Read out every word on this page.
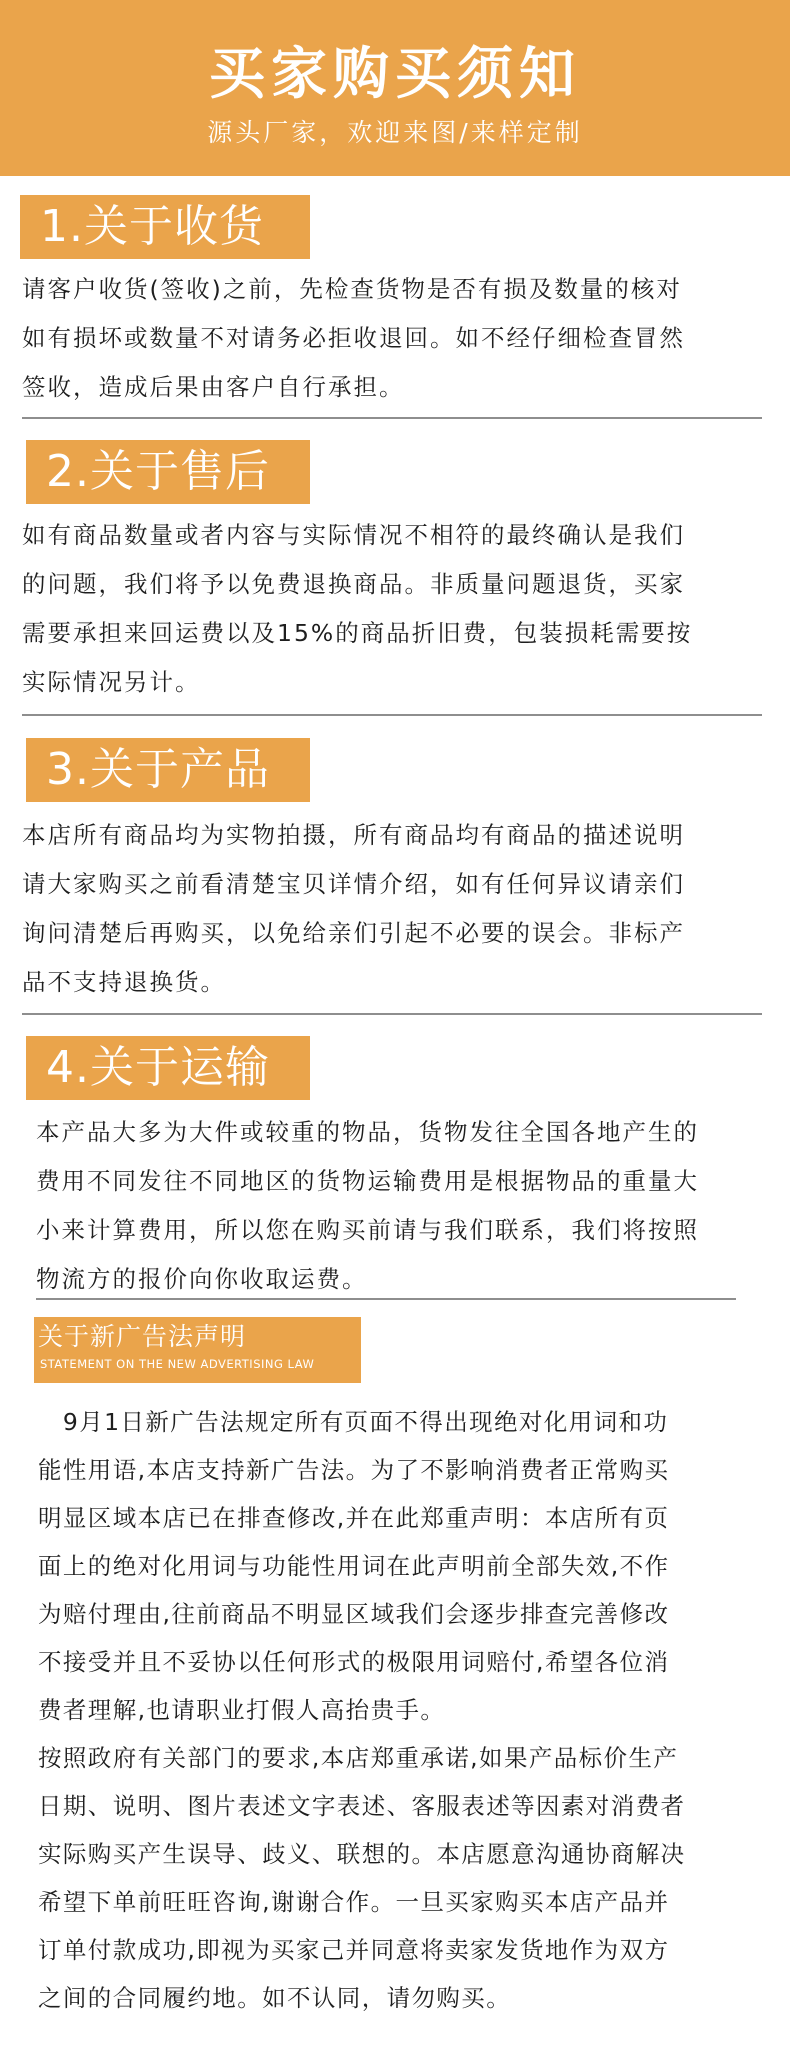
买家购买须知
源头厂家，欢迎来图/来样定制
1.关于收货
请客户收货(签收)之前，先检查货物是否有损及数量的核对
如有损坏或数量不对请务必拒收退回。如不经仔细检查冒然
签收，造成后果由客户自行承担。
2.关于售后
如有商品数量或者内容与实际情况不相符的最终确认是我们
的问题，我们将予以免费退换商品。非质量问题退货，买家
需要承担来回运费以及15%的商品折旧费，包装损耗需要按
实际情况另计。
3.关于产品
本店所有商品均为实物拍摄，所有商品均有商品的描述说明
请大家购买之前看清楚宝贝详情介绍，如有任何异议请亲们
询问清楚后再购买，以免给亲们引起不必要的误会。非标产
品不支持退换货。
4.关于运输
本产品大多为大件或较重的物品，货物发往全国各地产生的
费用不同发往不同地区的货物运输费用是根据物品的重量大
小来计算费用，所以您在购买前请与我们联系，我们将按照
物流方的报价向你收取运费。
关于新广告法声明
STATEMENT ON THE NEW ADVERTISING LAW

　9月1日新广告法规定所有页面不得出现绝对化用词和功

能性用语,本店支持新广告法。为了不影响消费者正常购买

明显区域本店已在排查修改,并在此郑重声明：本店所有页

面上的绝对化用词与功能性用词在此声明前全部失效,不作

为赔付理由,往前商品不明显区域我们会逐步排查完善修改

不接受并且不妥协以任何形式的极限用词赔付,希望各位消

费者理解,也请职业打假人高抬贵手。

按照政府有关部门的要求,本店郑重承诺,如果产品标价生产

日期、说明、图片表述文字表述、客服表述等因素对消费者

实际购买产生误导、歧义、联想的。本店愿意沟通协商解决

希望下单前旺旺咨询,谢谢合作。一旦买家购买本店产品并

订单付款成功,即视为买家己并同意将卖家发货地作为双方

之间的合同履约地。如不认同，请勿购买。
